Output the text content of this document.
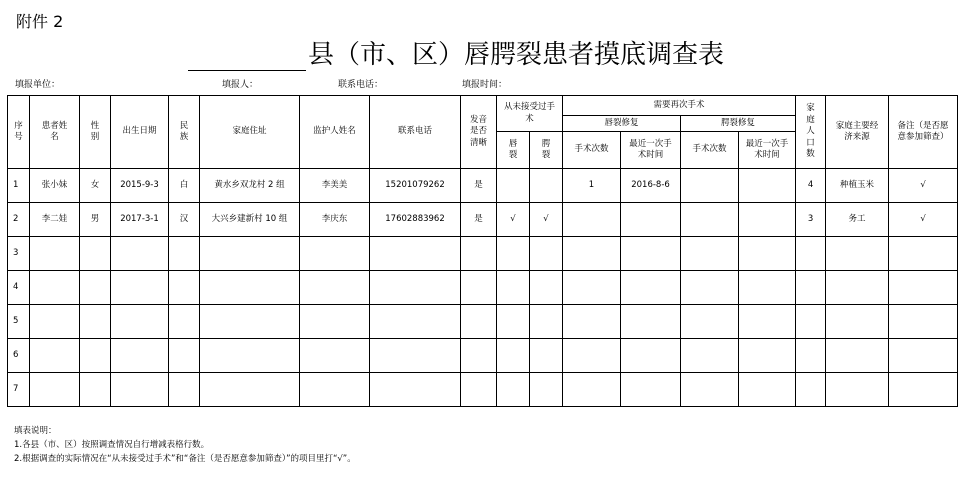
附件 2
县（市、区）唇腭裂患者摸底调查表
填报单位：	填报人：	联系电话：	填报时间：
序号	患者姓名	性别	出生日期	民族	家庭住址	监护人姓名	联系电话	发音是否清晰	从未接受过手术		需要再次手术				家庭人口数	家庭主要经济来源	备注（是否愿意参加筛查）
											唇裂修复		腭裂修复				
									唇裂	腭裂	手术次数	最近一次手术时间	手术次数	最近一次手术时间			
1	张小妹	女	2015-9-3	白	黄水乡双龙村 2 组	李美美	15201079262	是			1	2016-8-6			4	种植玉米	√
2	李二娃	男	2017-3-1	汉	大兴乡建新村 10 组	李庆东	17602883962	是	√	√					3	务工	√
3																	
4																	
5																	
6																	
7																	
填表说明：
1.各县（市、区）按照调查情况自行增减表格行数。
2.根据调查的实际情况在“从未接受过手术”和“备注（是否愿意参加筛查）”的项目里打“√”。
